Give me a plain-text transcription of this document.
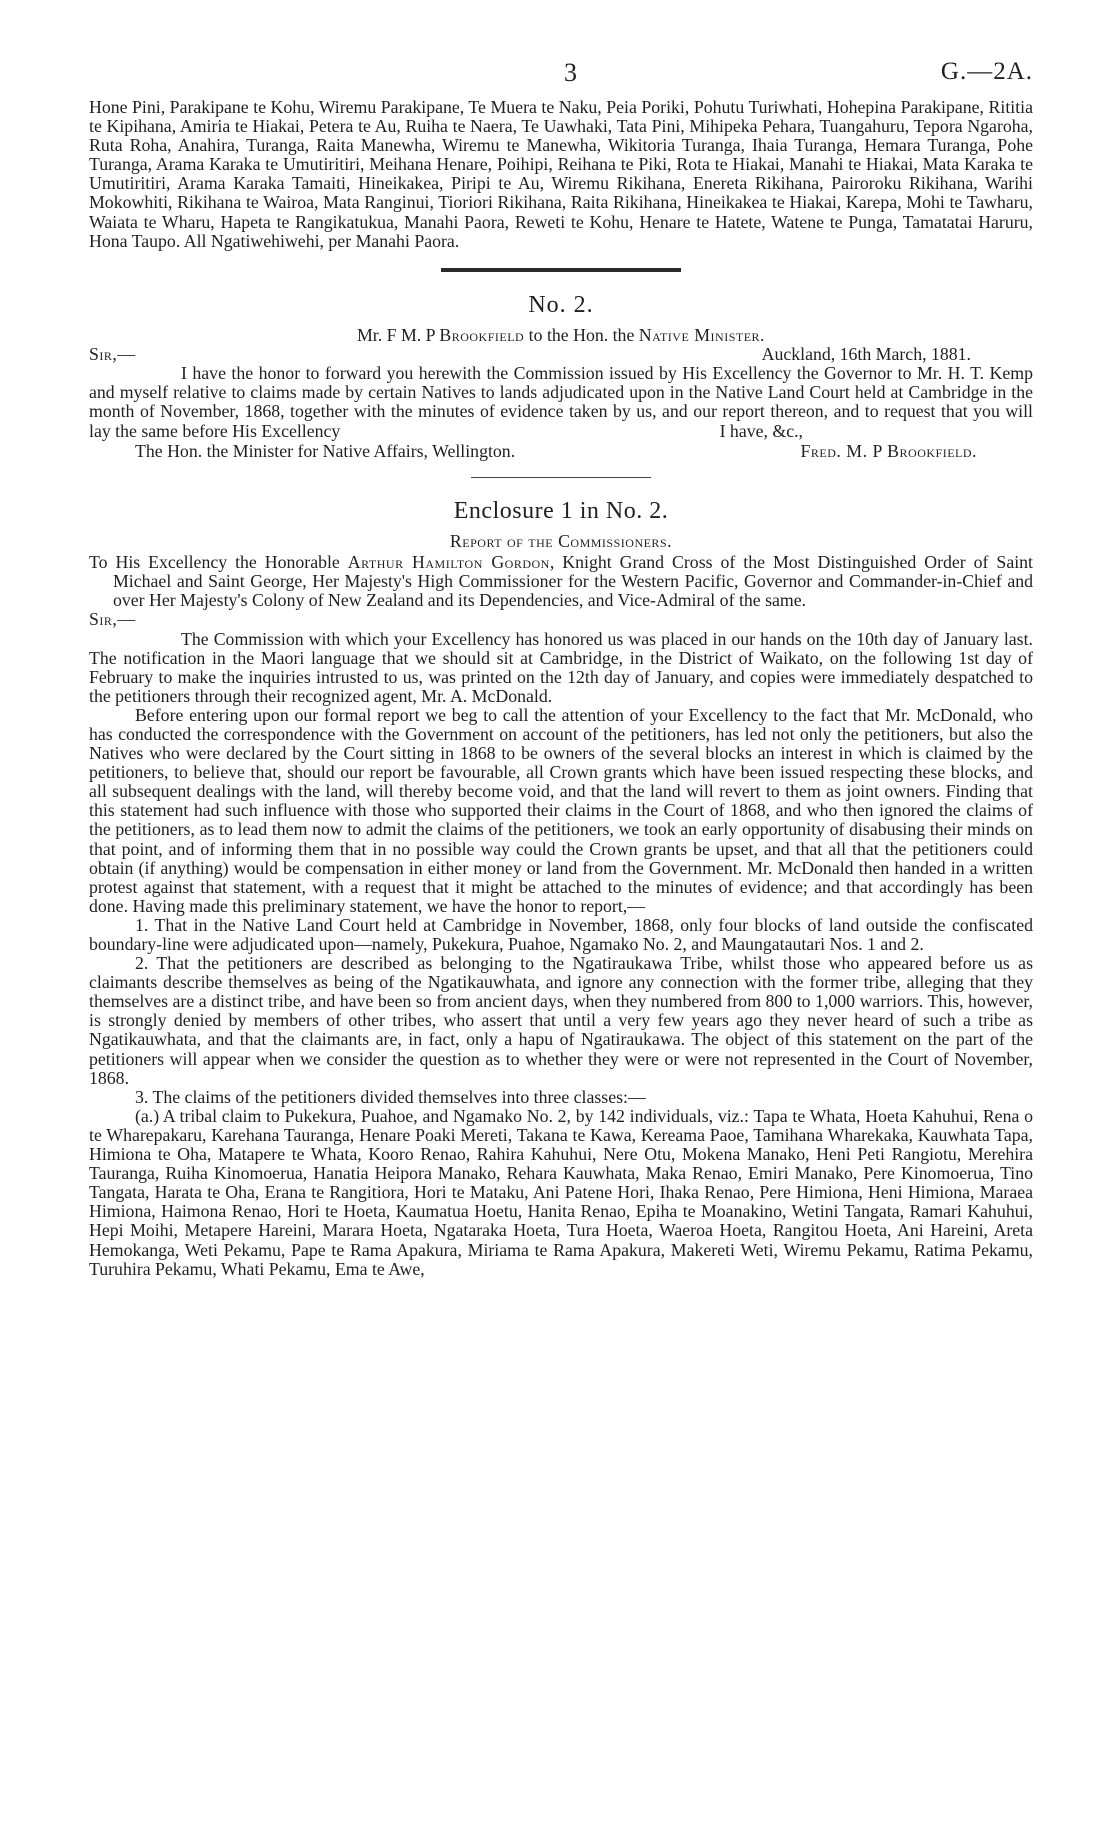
3	G.—2A.

Hone Pini, Parakipane te Kohu, Wiremu Parakipane, Te Muera te Naku, Peia Poriki, Pohutu Turiwhati, Hohepina Parakipane, Rititia te Kipihana, Amiria te Hiakai, Petera te Au, Ruiha te Naera, Te Uawhaki, Tata Pini, Mihipeka Pehara, Tuangahuru, Tepora Ngaroha, Ruta Roha, Anahira, Turanga, Raita Manewha, Wiremu te Manewha, Wikitoria Turanga, Ihaia Turanga, Hemara Turanga, Pohe Turanga, Arama Karaka te Umutiritiri, Meihana Henare, Poihipi, Reihana te Piki, Rota te Hiakai, Manahi te Hiakai, Mata Karaka te Umutiritiri, Arama Karaka Tamaiti, Hineikakea, Piripi te Au, Wiremu Rikihana, Enereta Rikihana, Pairoroku Rikihana, Warihi Mokowhiti, Rikihana te Wairoa, Mata Ranginui, Tioriori Rikihana, Raita Rikihana, Hineikakea te Hiakai, Karepa, Mohi te Tawharu, Waiata te Wharu, Hapeta te Rangikatukua, Manahi Paora, Reweti te Kohu, Henare te Hatete, Watene te Punga, Tamatatai Haruru, Hona Taupo. All Ngatiwehiwehi, per Manahi Paora.

No. 2.

Mr. F M. P Brookfield to the Hon. the Native Minister.

Sir,—	Auckland, 16th March, 1881.

I have the honor to forward you herewith the Commission issued by His Excellency the Governor to Mr. H. T. Kemp and myself relative to claims made by certain Natives to lands adjudicated upon in the Native Land Court held at Cambridge in the month of November, 1868, together with the minutes of evidence taken by us, and our report thereon, and to request that you will lay the same before His Excellency	I have, &c.,

The Hon. the Minister for Native Affairs, Wellington.	Fred. M. P Brookfield.
Enclosure 1 in No. 2.

Report of the Commissioners.

To His Excellency the Honorable Arthur Hamilton Gordon, Knight Grand Cross of the Most Distinguished Order of Saint Michael and Saint George, Her Majesty's High Commissioner for the Western Pacific, Governor and Commander-in-Chief and over Her Majesty's Colony of New Zealand and its Dependencies, and Vice-Admiral of the same.

Sir,—

The Commission with which your Excellency has honored us was placed in our hands on the 10th day of January last. The notification in the Maori language that we should sit at Cambridge, in the District of Waikato, on the following 1st day of February to make the inquiries intrusted to us, was printed on the 12th day of January, and copies were immediately despatched to the petitioners through their recognized agent, Mr. A. McDonald.

Before entering upon our formal report we beg to call the attention of your Excellency to the fact that Mr. McDonald, who has conducted the correspondence with the Government on account of the petitioners, has led not only the petitioners, but also the Natives who were declared by the Court sitting in 1868 to be owners of the several blocks an interest in which is claimed by the petitioners, to believe that, should our report be favourable, all Crown grants which have been issued respecting these blocks, and all subsequent dealings with the land, will thereby become void, and that the land will revert to them as joint owners. Finding that this statement had such influence with those who supported their claims in the Court of 1868, and who then ignored the claims of the petitioners, as to lead them now to admit the claims of the petitioners, we took an early opportunity of disabusing their minds on that point, and of informing them that in no possible way could the Crown grants be upset, and that all that the petitioners could obtain (if anything) would be compensation in either money or land from the Government. Mr. McDonald then handed in a written protest against that statement, with a request that it might be attached to the minutes of evidence; and that accordingly has been done. Having made this preliminary statement, we have the honor to report,—

1. That in the Native Land Court held at Cambridge in November, 1868, only four blocks of land outside the confiscated boundary-line were adjudicated upon—namely, Pukekura, Puahoe, Ngamako No. 2, and Maungatautari Nos. 1 and 2.

2. That the petitioners are described as belonging to the Ngatiraukawa Tribe, whilst those who appeared before us as claimants describe themselves as being of the Ngatikauwhata, and ignore any connection with the former tribe, alleging that they themselves are a distinct tribe, and have been so from ancient days, when they numbered from 800 to 1,000 warriors. This, however, is strongly denied by members of other tribes, who assert that until a very few years ago they never heard of such a tribe as Ngatikauwhata, and that the claimants are, in fact, only a hapu of Ngatiraukawa. The object of this statement on the part of the petitioners will appear when we consider the question as to whether they were or were not represented in the Court of November, 1868.

3. The claims of the petitioners divided themselves into three classes:—

(a.) A tribal claim to Pukekura, Puahoe, and Ngamako No. 2, by 142 individuals, viz.: Tapa te Whata, Hoeta Kahuhui, Rena o te Wharepakaru, Karehana Tauranga, Henare Poaki Mereti, Takana te Kawa, Kereama Paoe, Tamihana Wharekaka, Kauwhata Tapa, Himiona te Oha, Matapere te Whata, Kooro Renao, Rahira Kahuhui, Nere Otu, Mokena Manako, Heni Peti Rangiotu, Merehira Tauranga, Ruiha Kinomoerua, Hanatia Heipora Manako, Rehara Kauwhata, Maka Renao, Emiri Manako, Pere Kinomoerua, Tino Tangata, Harata te Oha, Erana te Rangitiora, Hori te Mataku, Ani Patene Hori, Ihaka Renao, Pere Himiona, Heni Himiona, Maraea Himiona, Haimona Renao, Hori te Hoeta, Kaumatua Hoetu, Hanita Renao, Epiha te Moanakino, Wetini Tangata, Ramari Kahuhui, Hepi Moihi, Metapere Hareini, Marara Hoeta, Ngataraka Hoeta, Tura Hoeta, Waeroa Hoeta, Rangitou Hoeta, Ani Hareini, Areta Hemokanga, Weti Pekamu, Pape te Rama Apakura, Miriama te Rama Apakura, Makereti Weti, Wiremu Pekamu, Ratima Pekamu, Turuhira Pekamu, Whati Pekamu, Ema te Awe,
